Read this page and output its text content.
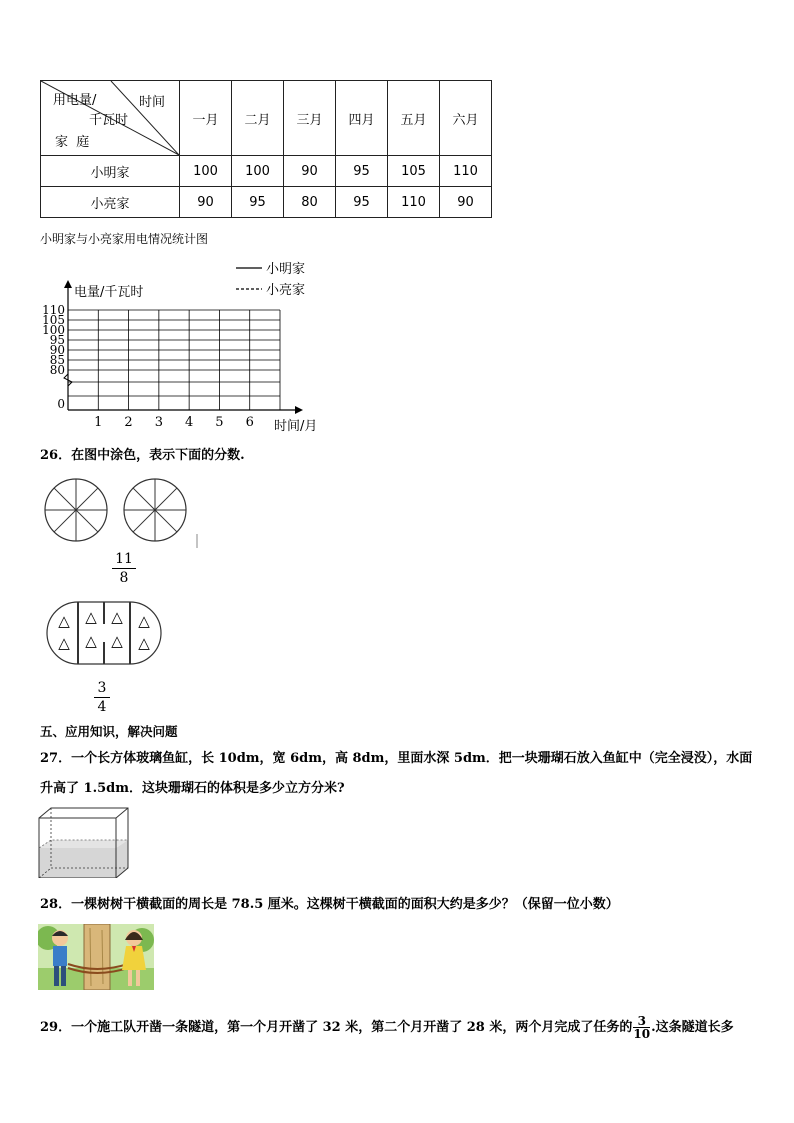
用电量/ 时间
千瓦时
家  庭	一月	二月	三月	四月	五月	六月
小明家	100	100	90	95	105	110
小亮家	90	95	80	95	110	90
小明家与小亮家用电情况统计图
电量/千瓦时
时间/月
110
105
100
95
90
85
80
0
1 2 3 4 5 6
小明家
小亮家
26．在图中涂色，表示下面的分数.
11
8
△
△
△
△
△
△
△
△
3
4
五、应用知识，解决问题
27．一个长方体玻璃鱼缸，长 10dm，宽 6dm，高 8dm，里面水深 5dm．把一块珊瑚石放入鱼缸中（完全浸没），水面
升高了 1.5dm．这块珊瑚石的体积是多少立方分米?
28．一棵树树干横截面的周长是 78.5 厘米。这棵树干横截面的面积大约是多少？（保留一位小数）
29．一个施工队开凿一条隧道，第一个月开凿了 32 米，第二个月开凿了 28 米，两个月完成了任务的 $\frac{3}{10}$ .这条隧道长多
